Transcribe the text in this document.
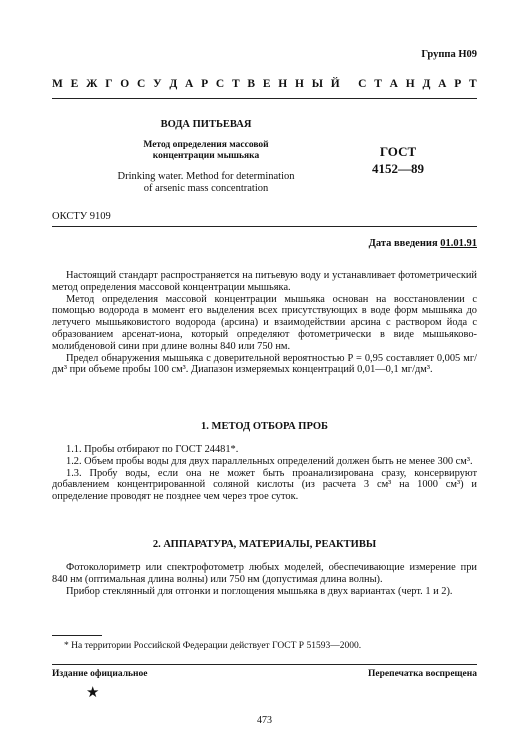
Группа Н09
М Е Ж Г О С У Д А Р С Т В Е Н Н Ы Й
С Т А Н Д А Р Т
ВОДА ПИТЬЕВАЯ
Метод определения массовой
концентрации мышьяка
Drinking water. Method for determination
of arsenic mass concentration
ГОСТ
4152—89
ОКСТУ 9109
Дата введения 01.01.91

Настоящий стандарт распространяется на питьевую воду и устанавливает фотометрический метод определения массовой концентрации мышьяка.

Метод определения массовой концентрации мышьяка основан на восстановлении с помощью водорода в момент его выделения всех присутствующих в воде форм мышьяка до летучего мышьяковистого водорода (арсина) и взаимодействии арсина с раствором йода с образованием арсенат-иона, который определяют фотометрически в виде мышьяково-молибденовой сини при длине волны 840 или 750 нм.

Предел обнаружения мышьяка с доверительной вероятностью P = 0,95 составляет 0,005 мг/дм³ при объеме пробы 100 см³. Диапазон измеряемых концентраций 0,01—0,1 мг/дм³.

1. МЕТОД ОТБОРА ПРОБ

1.1. Пробы отбирают по ГОСТ 24481*.

1.2. Объем пробы воды для двух параллельных определений должен быть не менее 300 см³.

1.3. Пробу воды, если она не может быть проанализирована сразу, консервируют добавлением концентрированной соляной кислоты (из расчета 3 см³ на 1000 см³) и определение проводят не позднее чем через трое суток.

2. АППАРАТУРА, МАТЕРИАЛЫ, РЕАКТИВЫ

Фотоколориметр или спектрофотометр любых моделей, обеспечивающие измерение при 840 нм (оптимальная длина волны) или 750 нм (допустимая длина волны).

Прибор стеклянный для отгонки и поглощения мышьяка в двух вариантах (черт. 1 и 2).

* На территории Российской Федерации действует ГОСТ Р 51593—2000.
Издание официальное	Перепечатка воспрещена
★
473
